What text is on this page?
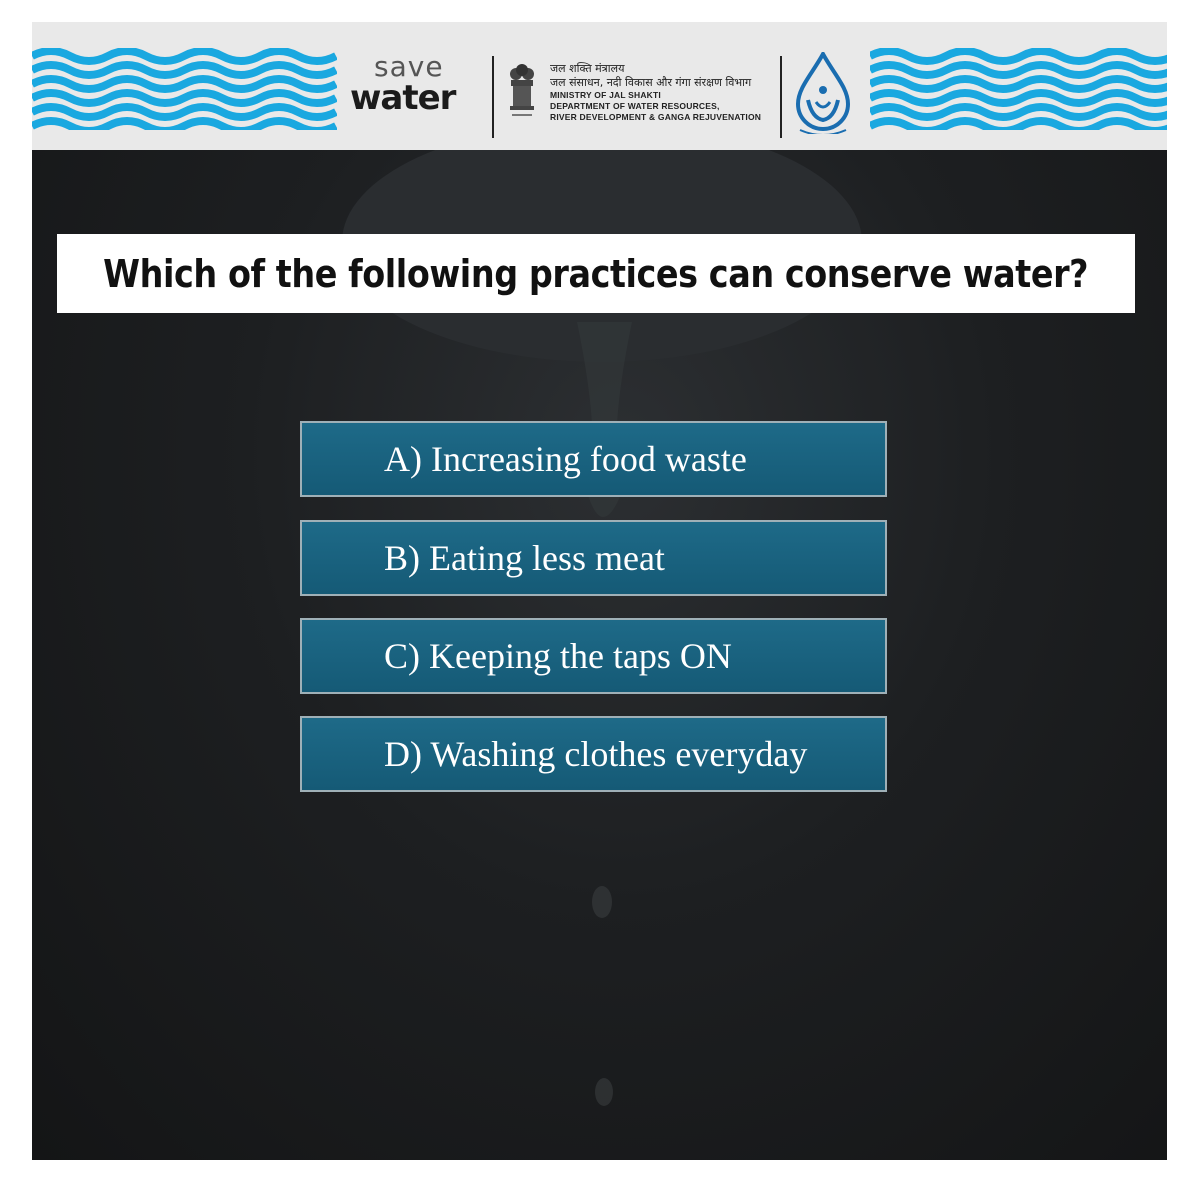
save
water
जल शक्ति मंत्रालय
जल संसाधन, नदी विकास और गंगा संरक्षण विभाग
MINISTRY OF JAL SHAKTI
DEPARTMENT OF WATER RESOURCES,
RIVER DEVELOPMENT & GANGA REJUVENATION
Which of the following practices can conserve water?
A) Increasing food waste
B) Eating less meat
C) Keeping the taps ON
D) Washing clothes everyday
